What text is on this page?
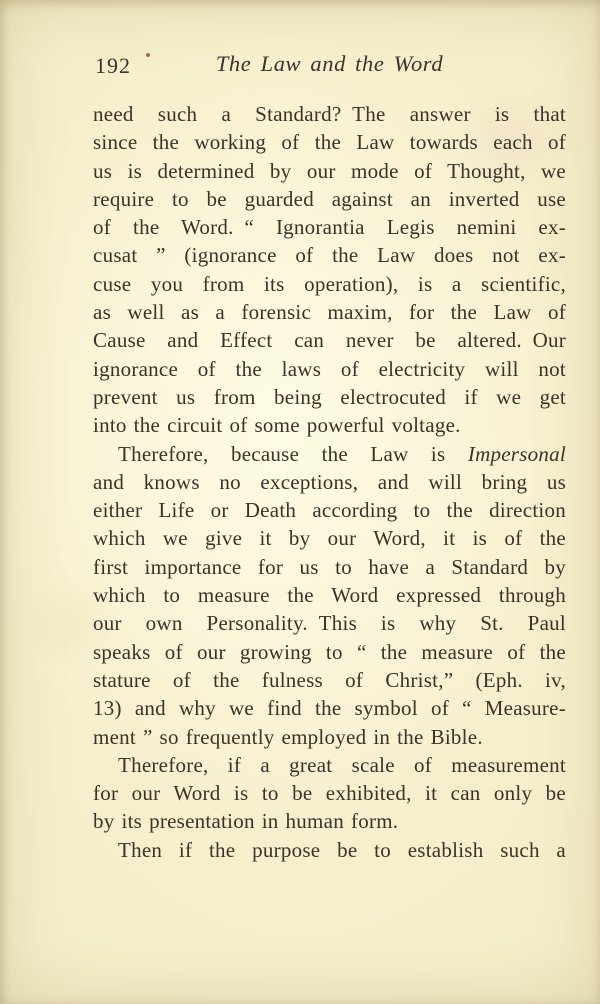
192	The Law and the Word
need such a Standard? The answer is that
since the working of the Law towards each of
us is determined by our mode of Thought, we
require to be guarded against an inverted use
of the Word. “ Ignorantia Legis nemini ex-
cusat ” (ignorance of the Law does not ex-
cuse you from its operation), is a scientific,
as well as a forensic maxim, for the Law of
Cause and Effect can never be altered. Our
ignorance of the laws of electricity will not
prevent us from being electrocuted if we get
into the circuit of some powerful voltage.
Therefore, because the Law is Impersonal
and knows no exceptions, and will bring us
either Life or Death according to the direction
which we give it by our Word, it is of the
first importance for us to have a Standard by
which to measure the Word expressed through
our own Personality. This is why St. Paul
speaks of our growing to “ the measure of the
stature of the fulness of Christ,” (Eph. iv,
13) and why we find the symbol of “ Measure-
ment ” so frequently employed in the Bible.
Therefore, if a great scale of measurement
for our Word is to be exhibited, it can only be
by its presentation in human form.
Then if the purpose be to establish such a
